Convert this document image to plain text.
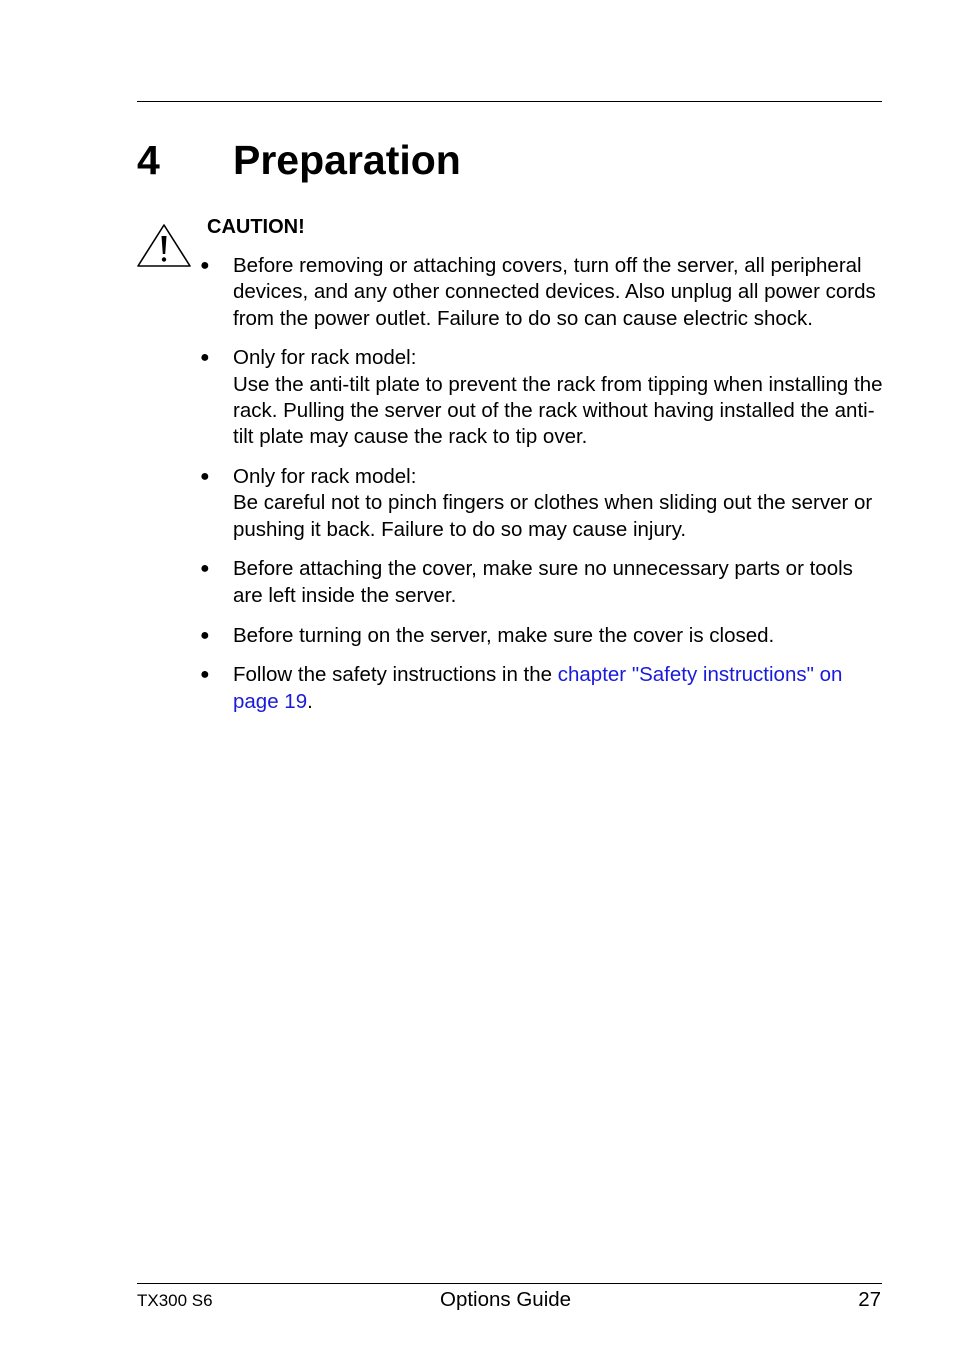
4 Preparation
CAUTION!
● Before removing or attaching covers, turn off the server, all peripheral devices, and any other connected devices. Also unplug all power cords from the power outlet. Failure to do so can cause electric shock.
● Only for rack model:
Use the anti-tilt plate to prevent the rack from tipping when installing the rack. Pulling the server out of the rack without having installed the anti-tilt plate may cause the rack to tip over.
● Only for rack model:
Be careful not to pinch fingers or clothes when sliding out the server or pushing it back. Failure to do so may cause injury.
● Before attaching the cover, make sure no unnecessary parts or tools are left inside the server.
● Before turning on the server, make sure the cover is closed.
● Follow the safety instructions in the chapter "Safety instructions" on page 19.
TX300 S6	Options Guide	27
